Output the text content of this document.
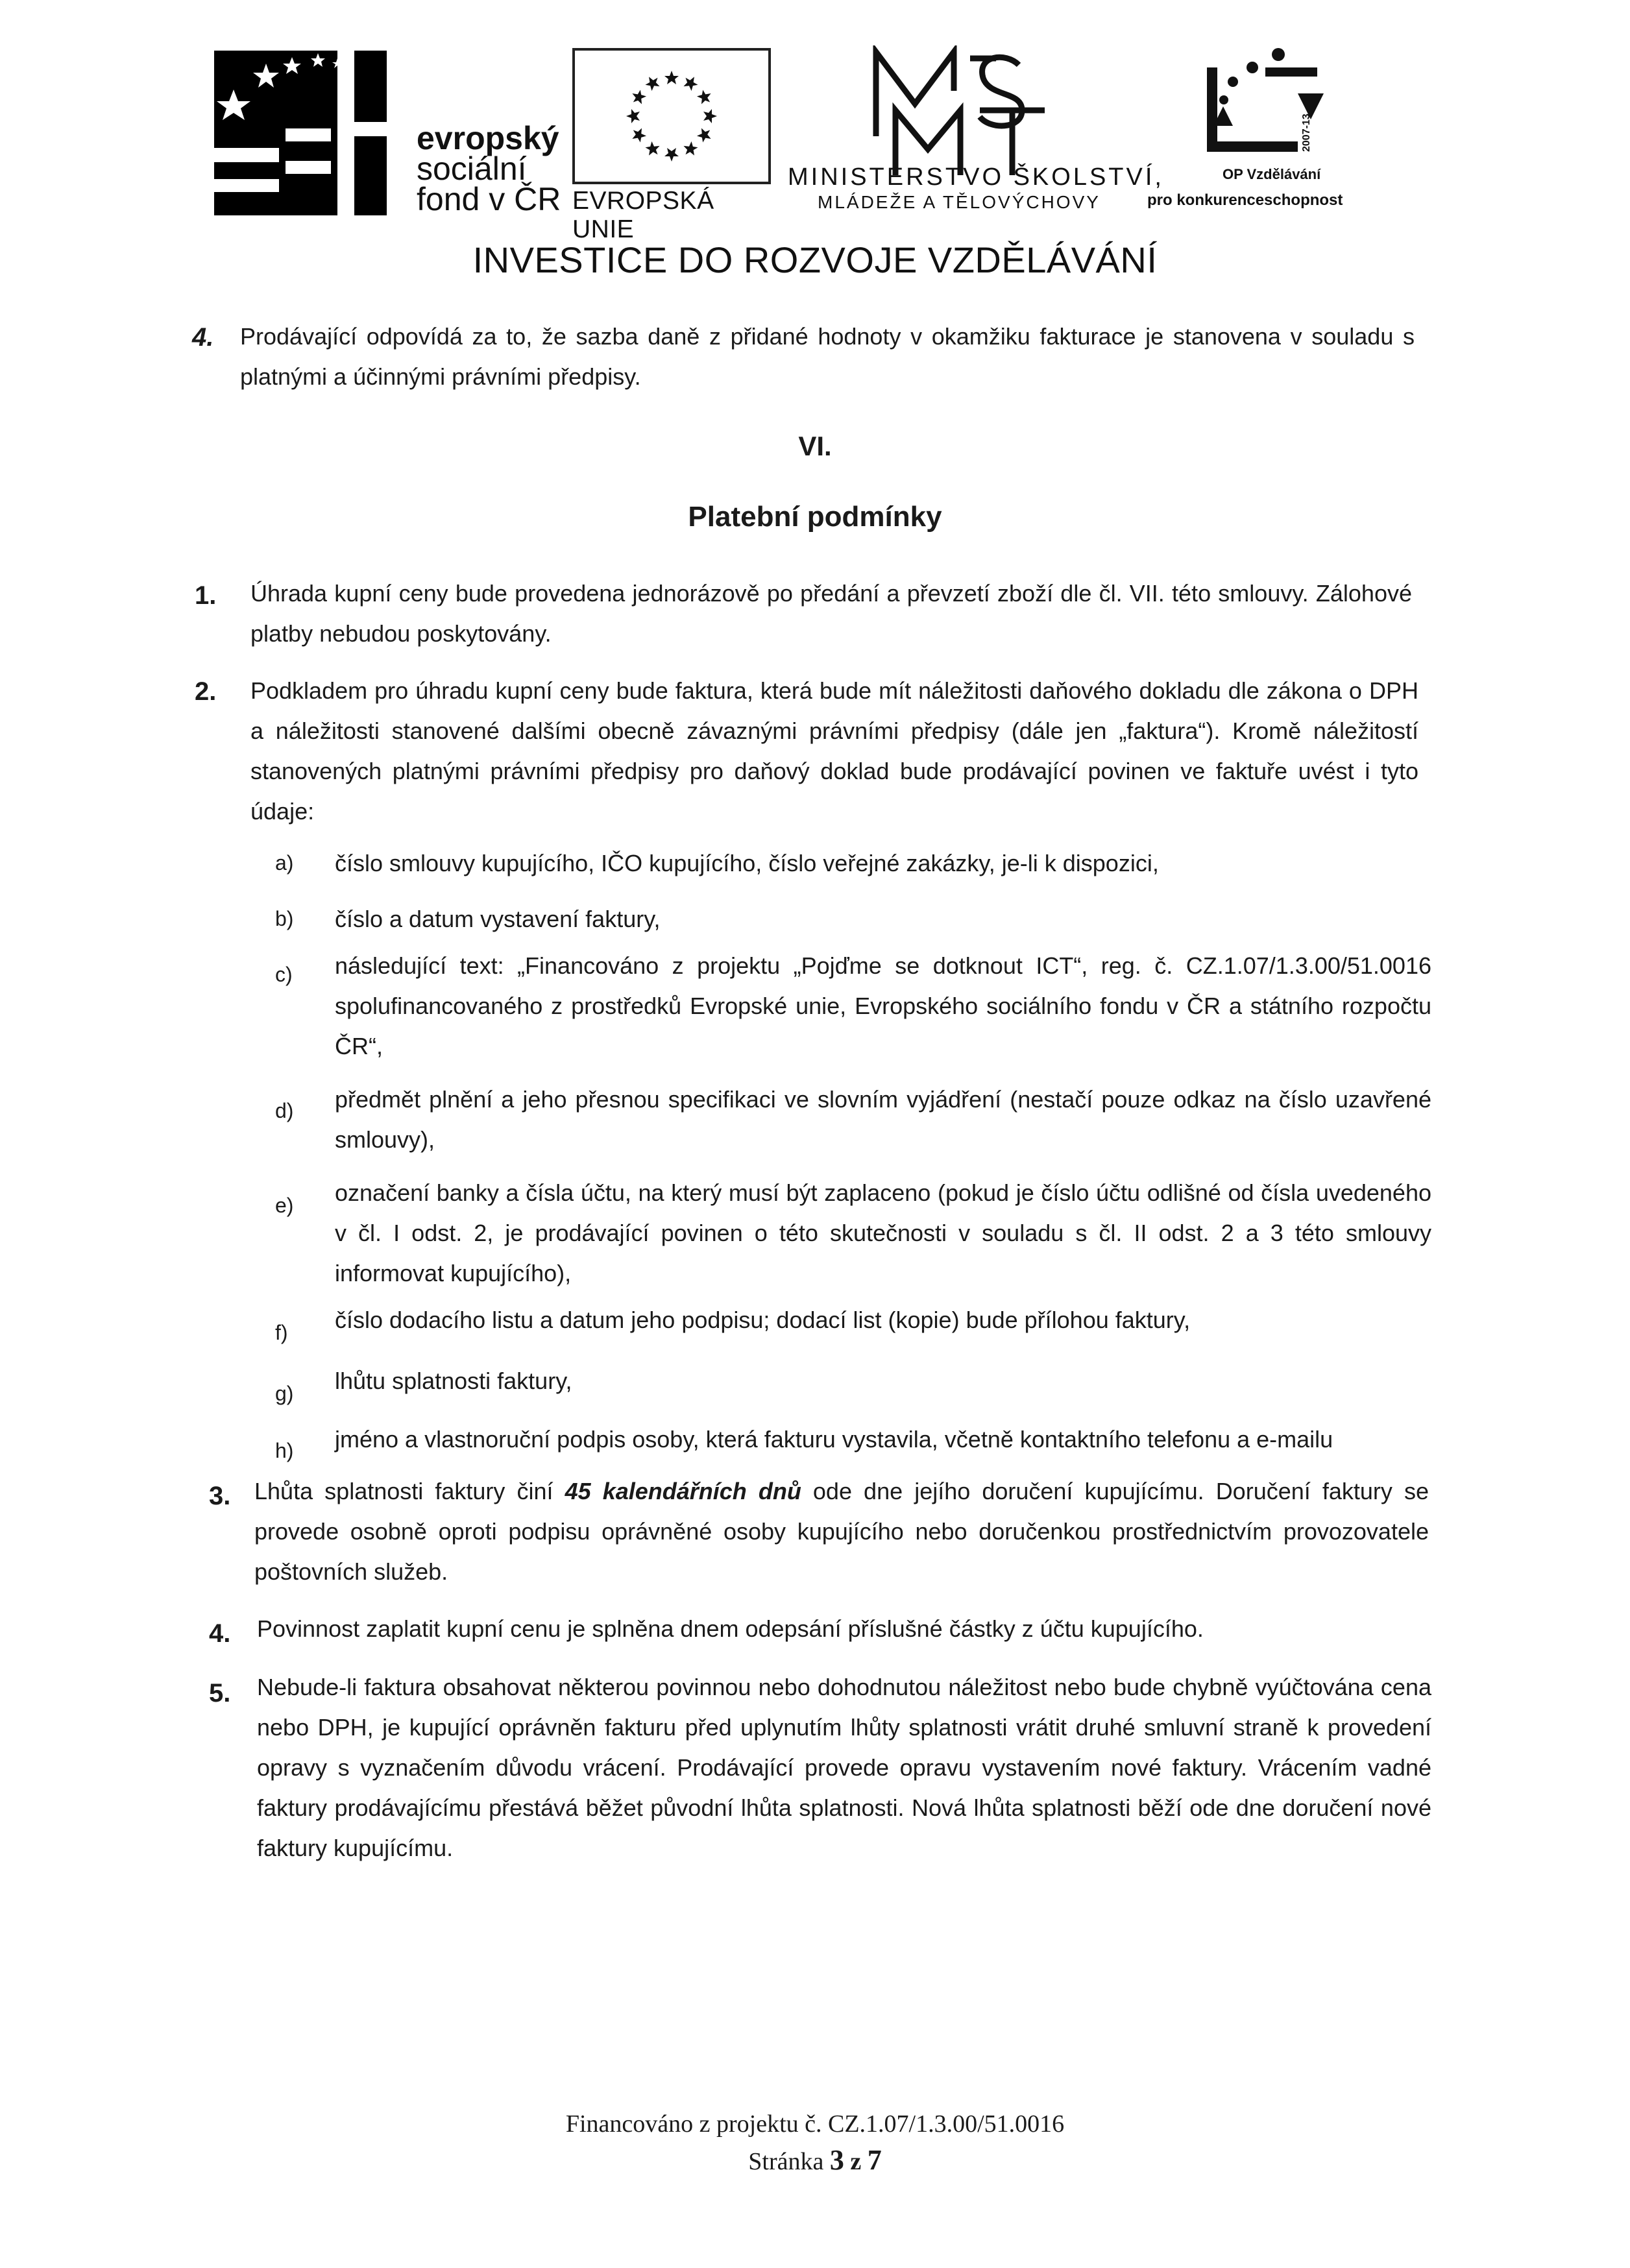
evropský
sociální
fond v ČR EVROPSKÁ UNIE
MINISTERSTVO ŠKOLSTVÍ,
MLÁDEŽE A TĚLOVÝCHOVY
2007-13
OP Vzdělávání
pro konkurenceschopnost
INVESTICE DO ROZVOJE VZDĚLÁVÁNÍ
4. Prodávající odpovídá za to, že sazba daně z přidané hodnoty v okamžiku fakturace je stanovena v souladu s platnými a účinnými právními předpisy.
VI.
Platební podmínky
1. Úhrada kupní ceny bude provedena jednorázově po předání a převzetí zboží dle čl. VII. této smlouvy. Zálohové platby nebudou poskytovány.
2. Podkladem pro úhradu kupní ceny bude faktura, která bude mít náležitosti daňového dokladu dle zákona o DPH a náležitosti stanovené dalšími obecně závaznými právními předpisy (dále jen „faktura“). Kromě náležitostí stanovených platnými právními předpisy pro daňový doklad bude prodávající povinen ve faktuře uvést i tyto údaje:
a) číslo smlouvy kupujícího, IČO kupujícího, číslo veřejné zakázky, je-li k dispozici,
b) číslo a datum vystavení faktury,
c) následující text: „Financováno z projektu „Pojďme se dotknout ICT“, reg. č. CZ.1.07/1.3.00/51.0016 spolufinancovaného z prostředků Evropské unie, Evropského sociálního fondu v ČR a státního rozpočtu ČR“,
d) předmět plnění a jeho přesnou specifikaci ve slovním vyjádření (nestačí pouze odkaz na číslo uzavřené smlouvy),
e) označení banky a čísla účtu, na který musí být zaplaceno (pokud je číslo účtu odlišné od čísla uvedeného v čl. I odst. 2, je prodávající povinen o této skutečnosti v souladu s čl. II odst. 2 a 3 této smlouvy informovat kupujícího),
f) číslo dodacího listu a datum jeho podpisu; dodací list (kopie) bude přílohou faktury,
g) lhůtu splatnosti faktury,
h) jméno a vlastnoruční podpis osoby, která fakturu vystavila, včetně kontaktního telefonu a e-mailu
3. Lhůta splatnosti faktury činí 45 kalendářních dnů ode dne jejího doručení kupujícímu. Doručení faktury se provede osobně oproti podpisu oprávněné osoby kupujícího nebo doručenkou prostřednictvím provozovatele poštovních služeb.
4. Povinnost zaplatit kupní cenu je splněna dnem odepsání příslušné částky z účtu kupujícího.
5. Nebude-li faktura obsahovat některou povinnou nebo dohodnutou náležitost nebo bude chybně vyúčtována cena nebo DPH, je kupující oprávněn fakturu před uplynutím lhůty splatnosti vrátit druhé smluvní straně k provedení opravy s vyznačením důvodu vrácení. Prodávající provede opravu vystavením nové faktury. Vrácením vadné faktury prodávajícímu přestává běžet původní lhůta splatnosti. Nová lhůta splatnosti běží ode dne doručení nové faktury kupujícímu.
Financováno z projektu č. CZ.1.07/1.3.00/51.0016
Stránka 3 z 7
